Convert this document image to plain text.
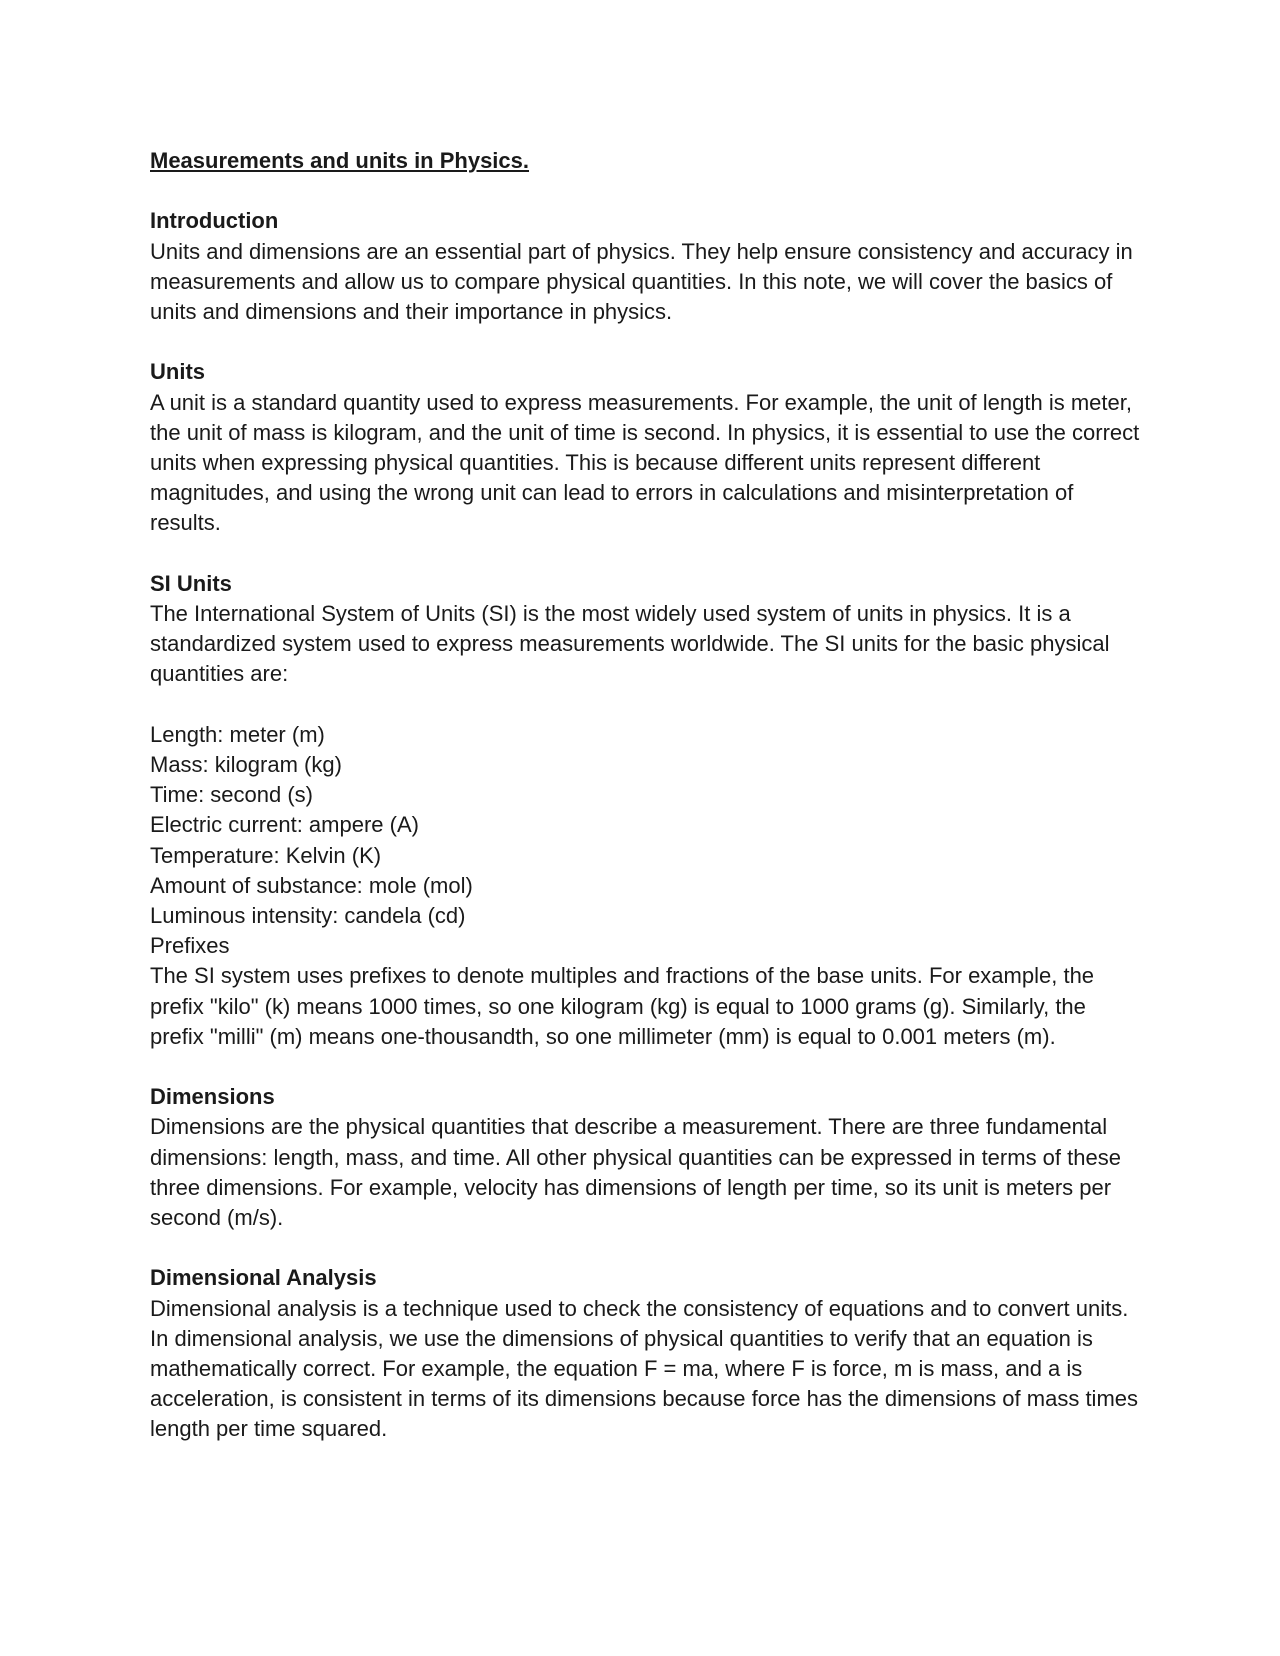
Measurements and units in Physics.

Introduction

Units and dimensions are an essential part of physics. They help ensure consistency and accuracy in measurements and allow us to compare physical quantities. In this note, we will cover the basics of units and dimensions and their importance in physics.

Units

A unit is a standard quantity used to express measurements. For example, the unit of length is meter, the unit of mass is kilogram, and the unit of time is second. In physics, it is essential to use the correct units when expressing physical quantities. This is because different units represent different magnitudes, and using the wrong unit can lead to errors in calculations and misinterpretation of results.

SI Units

The International System of Units (SI) is the most widely used system of units in physics. It is a standardized system used to express measurements worldwide. The SI units for the basic physical quantities are:

Length: meter (m)
Mass: kilogram (kg)
Time: second (s)
Electric current: ampere (A)
Temperature: Kelvin (K)
Amount of substance: mole (mol)
Luminous intensity: candela (cd)
Prefixes

The SI system uses prefixes to denote multiples and fractions of the base units. For example, the prefix "kilo" (k) means 1000 times, so one kilogram (kg) is equal to 1000 grams (g). Similarly, the prefix "milli" (m) means one-thousandth, so one millimeter (mm) is equal to 0.001 meters (m).

Dimensions

Dimensions are the physical quantities that describe a measurement. There are three fundamental dimensions: length, mass, and time. All other physical quantities can be expressed in terms of these three dimensions. For example, velocity has dimensions of length per time, so its unit is meters per second (m/s).

Dimensional Analysis

Dimensional analysis is a technique used to check the consistency of equations and to convert units. In dimensional analysis, we use the dimensions of physical quantities to verify that an equation is mathematically correct. For example, the equation F = ma, where F is force, m is mass, and a is acceleration, is consistent in terms of its dimensions because force has the dimensions of mass times length per time squared.
